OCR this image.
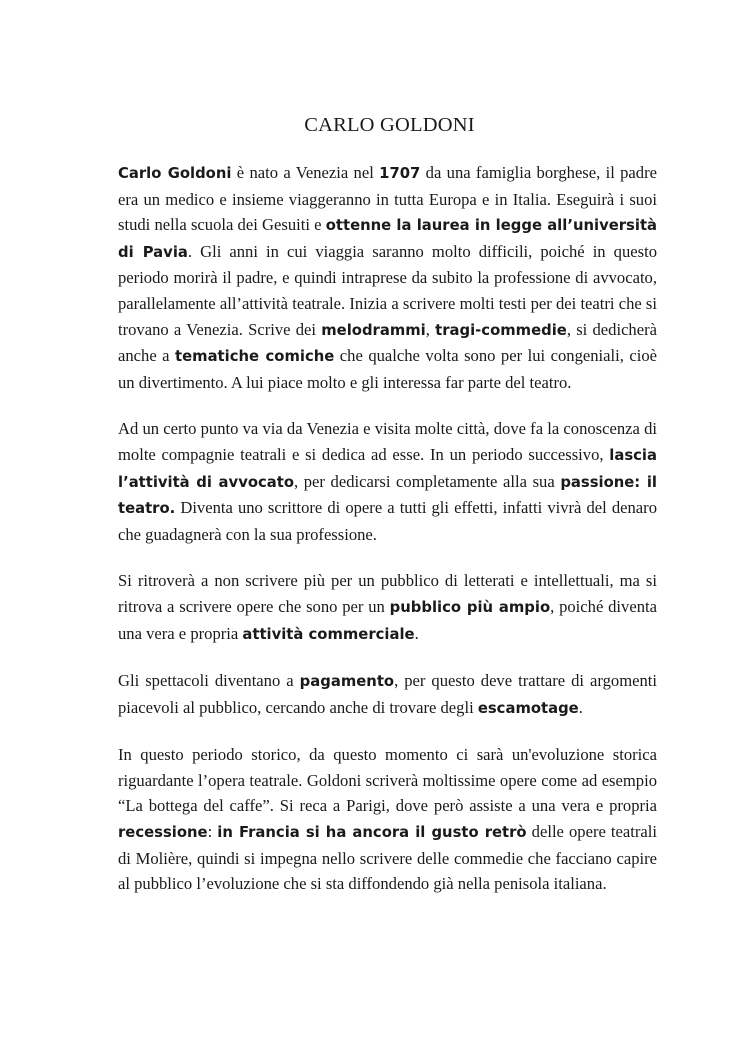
CARLO GOLDONI

Carlo Goldoni è nato a Venezia nel 1707 da una famiglia borghese, il padre era un medico e insieme viaggeranno in tutta Europa e in Italia. Eseguirà i suoi studi nella scuola dei Gesuiti e ottenne la laurea in legge all’università di Pavia. Gli anni in cui viaggia saranno molto difficili, poiché in questo periodo morirà il padre, e quindi intraprese da subito la professione di avvocato, parallelamente all’attività teatrale. Inizia a scrivere molti testi per dei teatri che si trovano a Venezia. Scrive dei melodrammi, tragi-commedie, si dedicherà anche a tematiche comiche che qualche volta sono per lui congeniali, cioè un divertimento. A lui piace molto e gli interessa far parte del teatro.

Ad un certo punto va via da Venezia e visita molte città, dove fa la conoscenza di molte compagnie teatrali e si dedica ad esse. In un periodo successivo, lascia l’attività di avvocato, per dedicarsi completamente alla sua passione: il teatro. Diventa uno scrittore di opere a tutti gli effetti, infatti vivrà del denaro che guadagnerà con la sua professione.

Si ritroverà a non scrivere più per un pubblico di letterati e intellettuali, ma si ritrova a scrivere opere che sono per un pubblico più ampio, poiché diventa una vera e propria attività commerciale.

Gli spettacoli diventano a pagamento, per questo deve trattare di argomenti piacevoli al pubblico, cercando anche di trovare degli escamotage.

In questo periodo storico, da questo momento ci sarà un'evoluzione storica riguardante l’opera teatrale. Goldoni scriverà moltissime opere come ad esempio “La bottega del caffe”. Si reca a Parigi, dove però assiste a una vera e propria recessione: in Francia si ha ancora il gusto retrò delle opere teatrali di Molière, quindi si impegna nello scrivere delle commedie che facciano capire al pubblico l’evoluzione che si sta diffondendo già nella penisola italiana.
